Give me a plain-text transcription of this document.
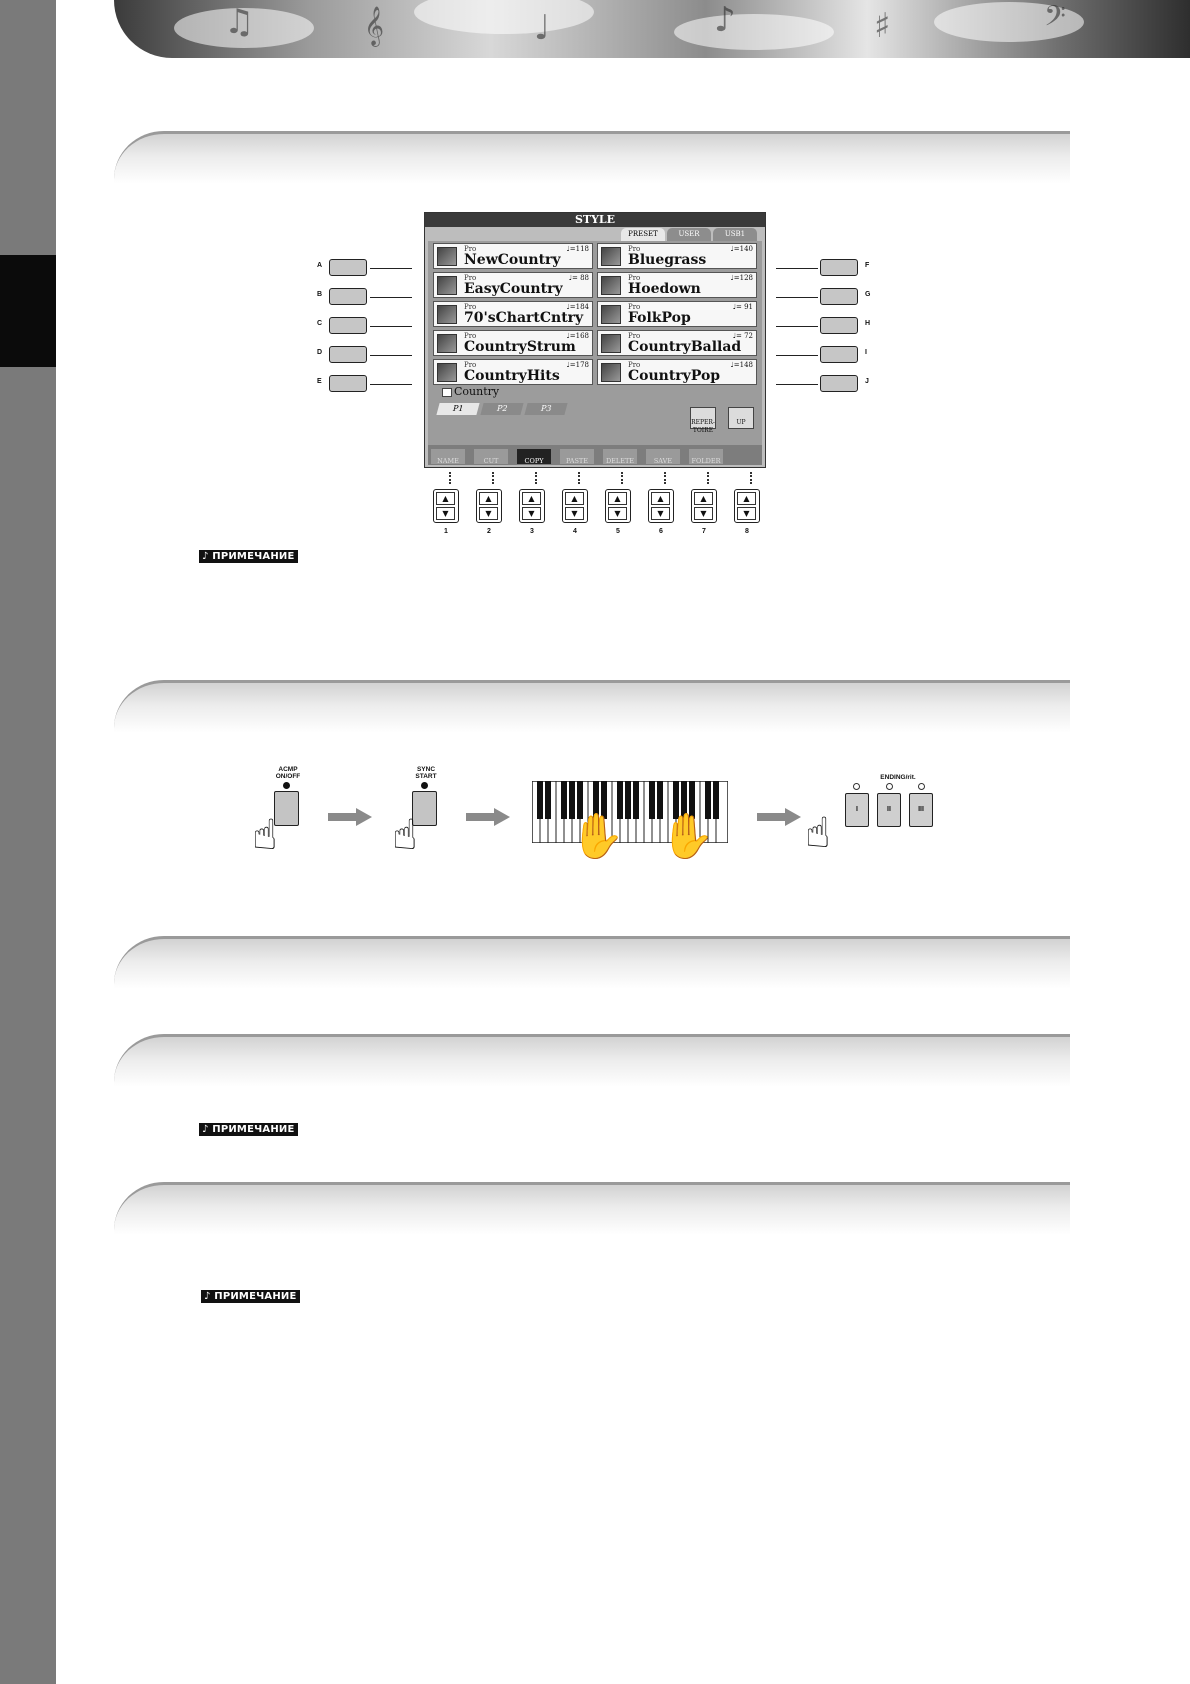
♫	𝄞	♩	♪	♯	𝄢
A
B
C
D
E
F
G
H
I
J
STYLE
PRESET	USER	USB1
Pro
NewCountry
♩=118
Pro
EasyCountry
♩= 88
Pro
70'sChartCntry
♩=184
Pro
CountryStrum
♩=168
Pro
CountryHits
♩=178
Pro
Bluegrass
♩=140
Pro
Hoedown
♩=128
Pro
FolkPop
♩= 91
Pro
CountryBallad
♩= 72
Pro
CountryPop
♩=148
Country
P1	P2	P3
REPER-TOIRE
UP
NAME	CUT	COPY	PASTE	DELETE	SAVE	FOLDER
▲
▼
1
▲
▼
2
▲
▼
3
▲
▼
4
▲
▼
5
▲
▼
6
▲
▼
7
▲
▼
8
♪ ПРИМЕЧАНИЕ
♪ ПРИМЕЧАНИЕ
♪ ПРИМЕЧАНИЕ
ACMP
ON/OFF
☝
SYNC
START
☝	✋ ✋
ENDING/rit.
I	II	III
☝
